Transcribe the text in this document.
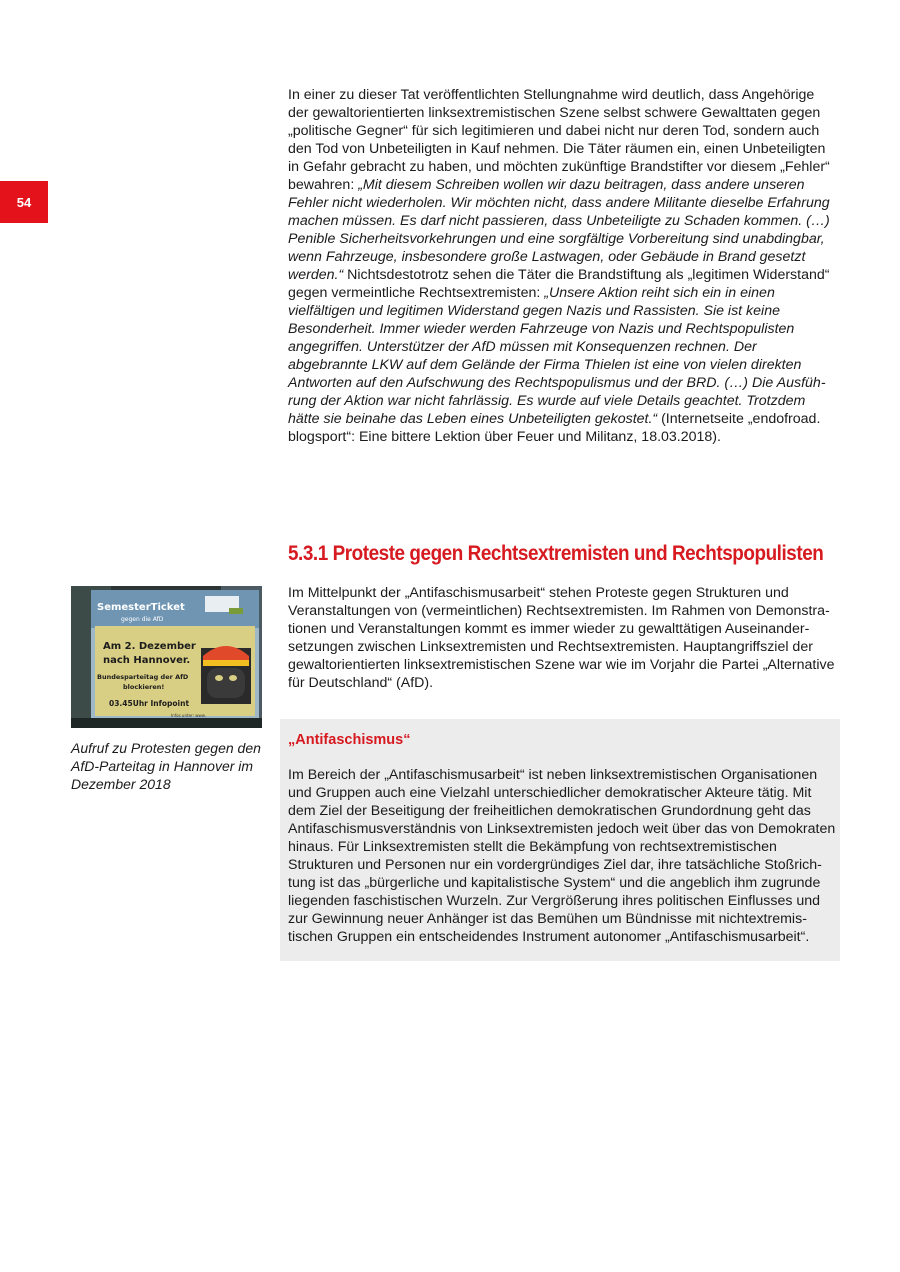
54

In einer zu dieser Tat veröffentlichten Stellungnahme wird deutlich, dass Angehörige der gewaltorientierten linksextremistischen Szene selbst schwere Gewalttaten gegen „politische Gegner“ für sich legitimieren und dabei nicht nur deren Tod, sondern auch den Tod von Unbeteiligten in Kauf nehmen. Die Täter räumen ein, einen Unbeteiligten in Gefahr gebracht zu haben, und möchten zukünftige Brandstifter vor diesem „Fehler“ bewahren: „Mit diesem Schreiben wollen wir dazu beitragen, dass andere unseren Fehler nicht wiederholen. Wir möchten nicht, dass andere Militante dieselbe Erfahrung machen müssen. Es darf nicht passieren, dass Unbeteiligte zu Schaden kommen. (…) Penible Sicherheitsvorkehrungen und eine sorgfältige Vorbereitung sind unabdingbar, wenn Fahrzeuge, insbesondere große Lastwagen, oder Gebäude in Brand gesetzt werden.“ Nichtsdestotrotz sehen die Täter die Brandstiftung als „legitimen Widerstand“ gegen vermeintliche Rechtsextremisten: „Unsere Aktion reiht sich ein in einen vielfältigen und legitimen Widerstand gegen Nazis und Rassisten. Sie ist keine Besonderheit. Immer wieder werden Fahrzeuge von Nazis und Rechtspopulisten angegriffen. Unterstützer der AfD müssen mit Konsequenzen rechnen. Der abgebrannte LKW auf dem Gelände der Firma Thielen ist eine von vielen direkten Antworten auf den Aufschwung des Rechtspopulismus und der BRD. (…) Die Ausführung der Aktion war nicht fahrlässig. Es wurde auf viele Details geachtet. Trotzdem hätte sie beinahe das Leben eines Unbeteiligten gekostet.“ (Internetseite „endofroad. blogsport“: Eine bittere Lektion über Feuer und Militanz, 18.03.2018).

5.3.1 Proteste gegen Rechtsextremisten und Rechtspopulisten

Im Mittelpunkt der „Antifaschismusarbeit“ stehen Proteste gegen Strukturen und Veranstaltungen von (vermeintlichen) Rechtsextremisten. Im Rahmen von Demonstrationen und Veranstaltungen kommt es immer wieder zu gewalttätigen Auseinandersetzungen zwischen Linksextremisten und Rechtsextremisten. Hauptangriffsziel der gewaltorientierten linksextremistischen Szene war wie im Vorjahr die Partei „Alternative für Deutschland“ (AfD).

SemesterTicket
gegen die AfD
Am 2. Dezember
nach Hannover.
Bundesparteitag der AfD
blockieren!
03.45Uhr Infopoint
Infos unter: www.

Aufruf zu Protesten gegen den AfD-Parteitag in Hannover im Dezember 2018

„Antifaschismus“

Im Bereich der „Antifaschismusarbeit“ ist neben linksextremistischen Organisationen und Gruppen auch eine Vielzahl unterschiedlicher demokratischer Akteure tätig. Mit dem Ziel der Beseitigung der freiheitlichen demokratischen Grundordnung geht das Antifaschismusverständnis von Linksextremisten jedoch weit über das von Demokraten hinaus. Für Linksextremisten stellt die Bekämpfung von rechtsextremistischen Strukturen und Personen nur ein vordergründiges Ziel dar, ihre tatsächliche Stoßrichtung ist das „bürgerliche und kapitalistische System“ und die angeblich ihm zugrunde liegenden faschistischen Wurzeln. Zur Vergrößerung ihres politischen Einflusses und zur Gewinnung neuer Anhänger ist das Bemühen um Bündnisse mit nichtextremistischen Gruppen ein entscheidendes Instrument autonomer „Antifaschismusarbeit“.
